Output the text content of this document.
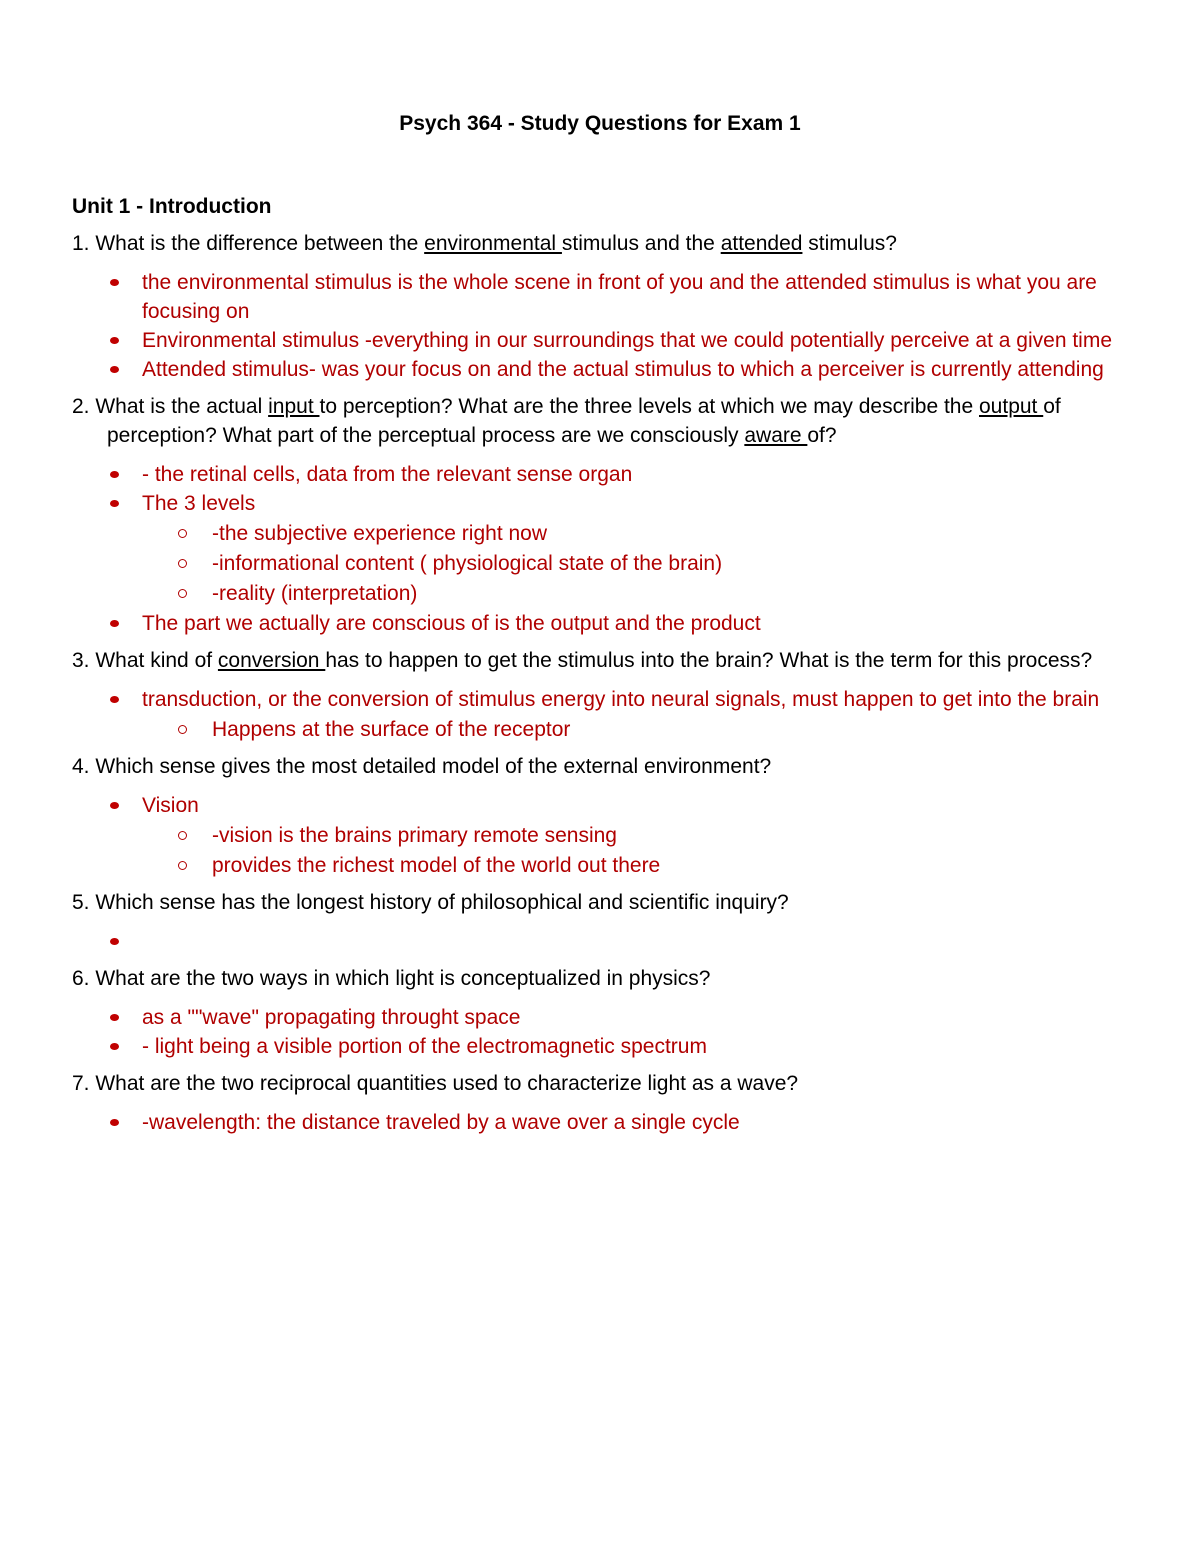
Psych 364 - Study Questions for Exam 1
Unit 1 - Introduction

1. What is the difference between the environmental stimulus and the attended stimulus?

the environmental stimulus is the whole scene in front of you and the attended stimulus is what you are focusing on
Environmental stimulus -everything in our surroundings that we could potentially perceive at a given time
Attended stimulus- was your focus on and the actual stimulus to which a perceiver is currently attending

2. What is the actual input to perception? What are the three levels at which we may describe the output of perception? What part of the perceptual process are we consciously aware of?

- the retinal cells, data from the relevant sense organ
The 3 levels
-the subjective experience right now
-informational content ( physiological state of the brain)
-reality (interpretation)
The part we actually are conscious of is the output and the product

3. What kind of conversion has to happen to get the stimulus into the brain? What is the term for this process?

transduction, or the conversion of stimulus energy into neural signals, must happen to get into the brain
Happens at the surface of the receptor

4. Which sense gives the most detailed model of the external environment?

Vision
-vision is the brains primary remote sensing
provides the richest model of the world out there

5. Which sense has the longest history of philosophical and scientific inquiry?

6. What are the two ways in which light is conceptualized in physics?

as a ""wave" propagating throught space
- light being a visible portion of the electromagnetic spectrum

7. What are the two reciprocal quantities used to characterize light as a wave?

-wavelength: the distance traveled by a wave over a single cycle
